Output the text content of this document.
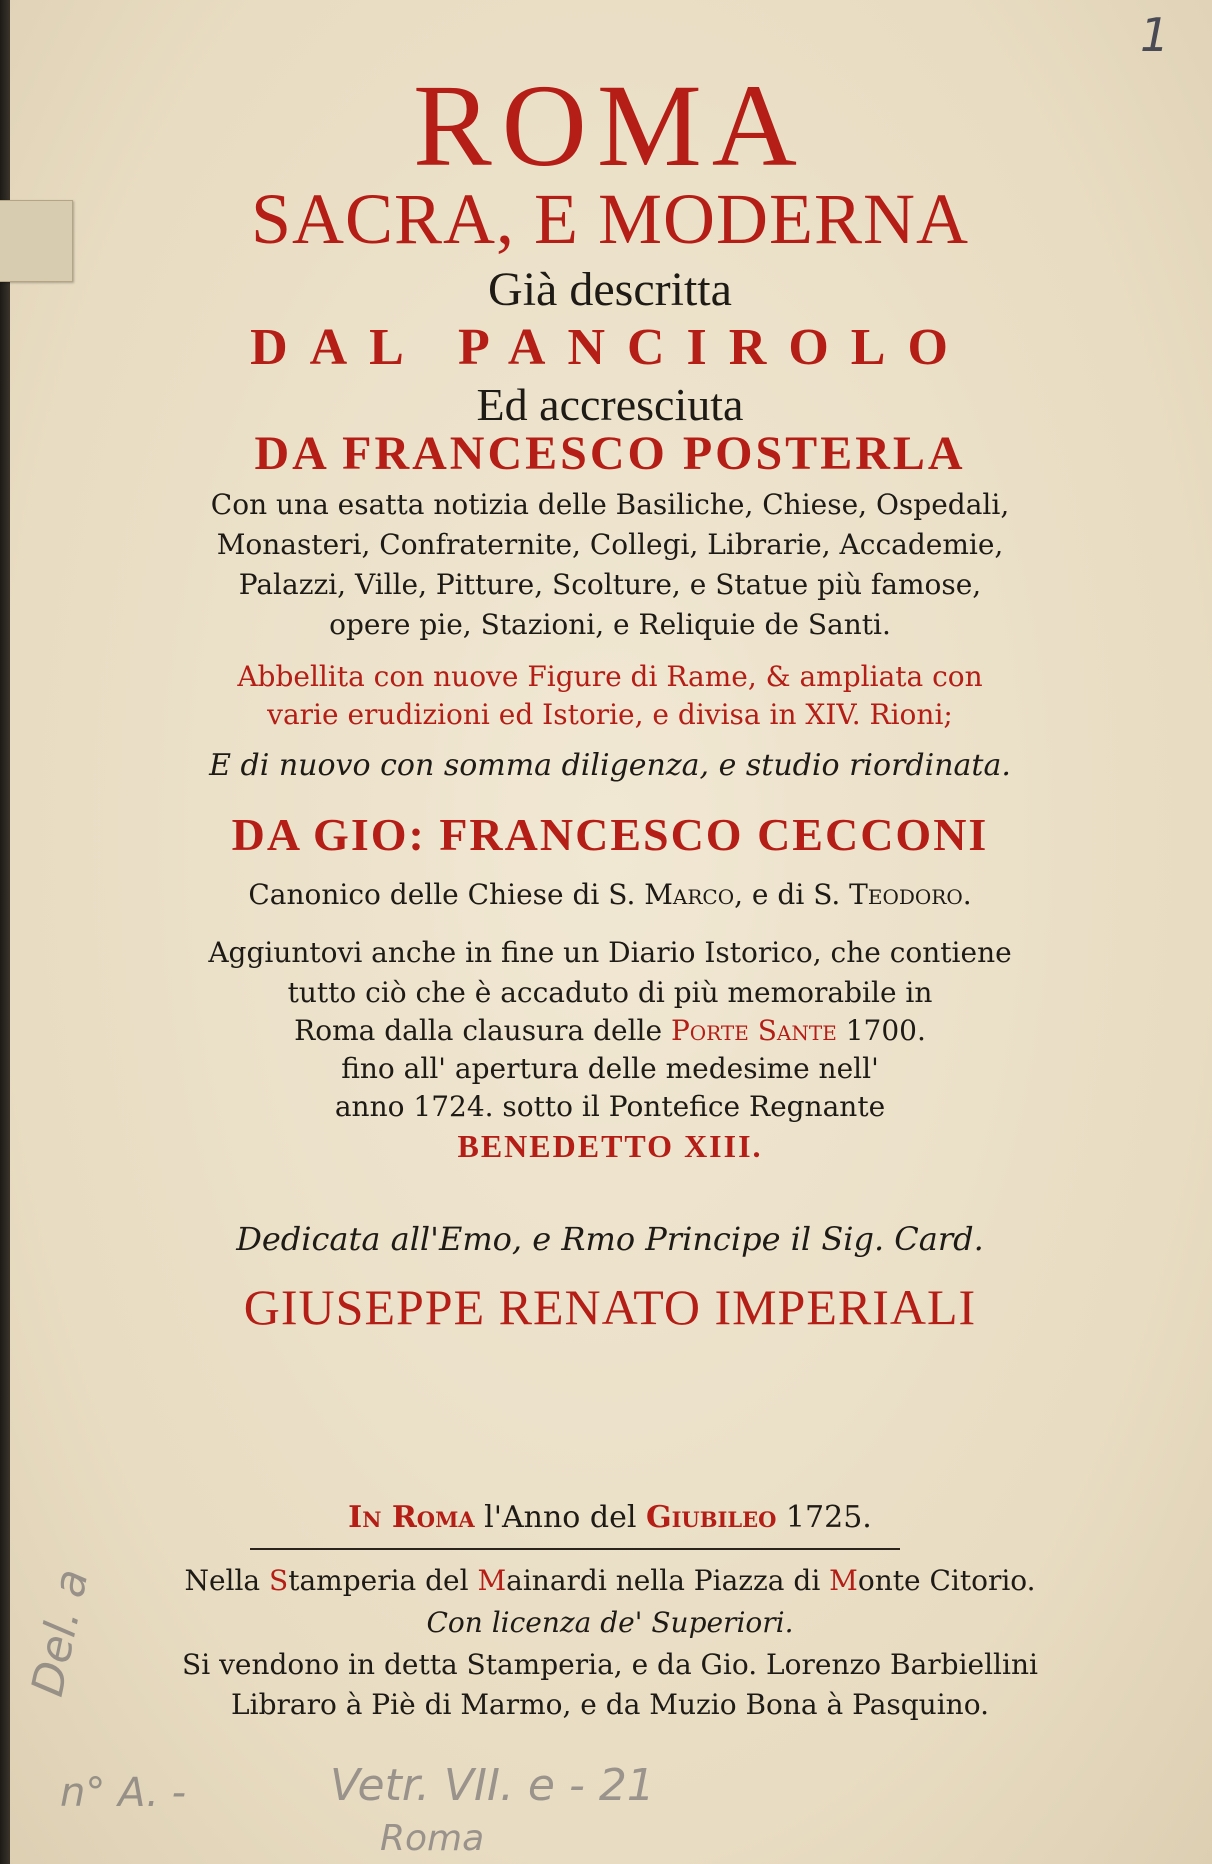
1

ROMA

SACRA, E MODERNA

Già descritta

DAL PANCIROLO

Ed accresciuta

DA FRANCESCO POSTERLA

Con una esatta notizia delle Basiliche, Chiese, Ospedali,

Monasteri, Confraternite, Collegi, Librarie, Accademie,

Palazzi, Ville, Pitture, Scolture, e Statue più famose,

opere pie, Stazioni, e Reliquie de Santi.

Abbellita con nuove Figure di Rame, & ampliata con

varie erudizioni ed Istorie, e divisa in XIV. Rioni;

E di nuovo con somma diligenza, e studio riordinata.

DA GIO: FRANCESCO CECCONI

Canonico delle Chiese di S. Marco, e di S. Teodoro.

Aggiuntovi anche in fine un Diario Istorico, che contiene

tutto ciò che è accaduto di più memorabile in

Roma dalla clausura delle Porte Sante 1700.

fino all' apertura delle medesime nell'

anno 1724. sotto il Pontefice Regnante

BENEDETTO XIII.

Dedicata all'Emo, e Rmo Principe il Sig. Card.

GIUSEPPE RENATO IMPERIALI

In Roma l'Anno del Giubileo 1725.

Nella Stamperia del Mainardi nella Piazza di Monte Citorio.

Con licenza de' Superiori.

Si vendono in detta Stamperia, e da Gio. Lorenzo Barbiellini

Libraro à Piè di Marmo, e da Muzio Bona à Pasquino.

Del. a
n° A. -	Vetr. VII. e - 21
Roma
